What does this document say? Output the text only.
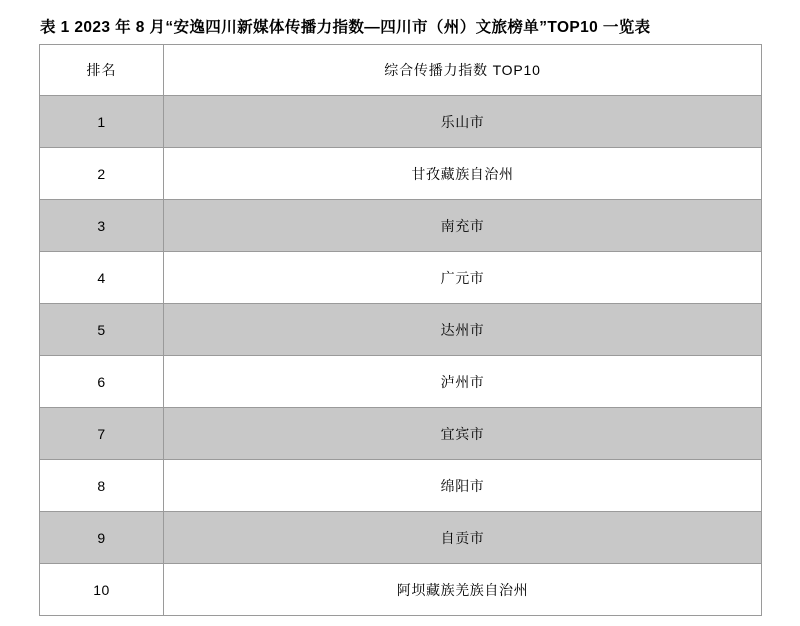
表 1 2023 年 8 月“安逸四川新媒体传播力指数—四川市（州）文旅榜单”TOP10 一览表
排名	综合传播力指数 TOP10
1	乐山市
2	甘孜藏族自治州
3	南充市
4	广元市
5	达州市
6	泸州市
7	宜宾市
8	绵阳市
9	自贡市
10	阿坝藏族羌族自治州
